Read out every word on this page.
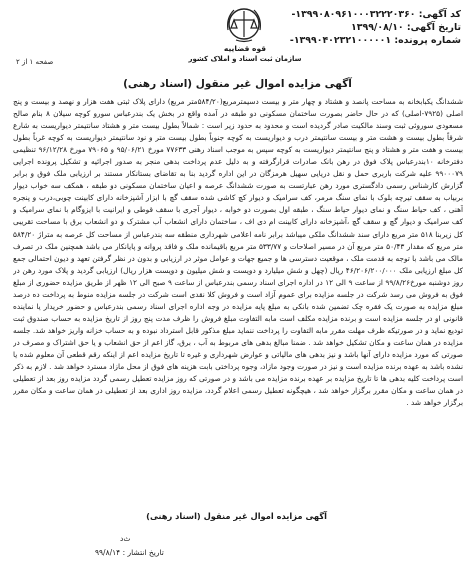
کد آگهی: ۱۳۹۹۰۸۰۹۶۱۰۰۰۳۲۲۲۰۳۶۰-
تاریخ آگهی: ۱۳۹۹/۰۸/۱۰
شماره پرونده: ۱۳۹۹۰۴۰۲۳۲۱۰۰۰۰۰۱-
قوه قضاییه
سازمان ثبت اسناد و املاک کشور
صفحه ۱ از ۲
آگهی مزایده اموال غیر منقول (اسناد رهنی)
ششدانگ یکبابخانه به مساحت پانصد و هشتاد و چهار متر و بیست دسیمترمربع(۵۸۴/۲۰متر مربع) دارای پلاک ثبتی هفت هزار و نهصد و بیست و پنج اصلی (۷۹۲۵-اصلی) که در حال حاضر بصورت ساختمان مسکونی دو طبقه در آمده واقع در بخش یک بندرعباس سورو کوچه سیلان ۸ بنام صالح مسعودی سوروئی ثبت وسند مالکیت صادر گردیده است و محدود به حدود زیر است : شمالاً بطول بیست متر و هشتاد سانتیمتر دیواریست به شارع شرقاً بطول بیست و هشت متر و بیست سانتیمتر درب و دیواریست به کوچه جنوباً بطول بیست متر و نود سانتیمتر دیواریست به کوچه غرباً بطول بیست و هفت متر و هشتاد و پنج سانتیمتر دیواریست به کوچه سپس به موجب اسناد رهنی ۷۷۶۳۳ مورخ ۹۵/۰۶/۲۱ و ۷۹۰۶۵ مورخ ۹۶/۱۲/۲۸ تنظیمی دفترخانه ۱۰بندرعباس پلاک فوق در رهن بانک صادرات قرارگرفته و به دلیل عدم پرداخت بدهی منجر به صدور اجرائیه و تشکیل پرونده اجرایی ۹۹۰۰۰۷۹ علیه شرکت باربری حمل و نقل دریایی سهیل هرمزگان در این اداره گردید بنا به تقاضای بستانکار مستند بر ارزیابی ملک فوق و برابر گزارش کارشناس رسمی دادگستری مورد رهن عبارتست به صورت ششدانگ عرصه و اعیان ساختمان مسکونی دو طبقه ، همکف سه خواب دیوار بربیاب به سقف تیرچه بلوک با نمای سنگ مرمر، کف سرامیک و دیوار کچ کاشی شده سقف گچ با ابزار آشپزخانه دارای کابینت چوبی،درب و پنجره آهنی ، کف حیاط سنگ و نمای دیوار حیاط سنگ ، طبقه اول بصورت دو خوابه ، دیوار آجری با سقف قوطی و ایرانیت با ایزوگام با نمای سرامیک و کف سرامیک و دیوار گچ و سقف گچ ،آشپزخانه دارای کابینت ام دی اف ، ساختمان دارای انشعاب آب مشترک و دو انشعاب برق با مساحت تقریبی کل زیربنا ۵۱۸ متر مربع دارای سند ششدانگ ملکی میباشد برابر نامه اعلامی شهرداری منطقه سه بندرعباس از مساحت کل عرصه به متراژ ۵۸۴/۲۰ متر مربع که مقدار ۵۰/۴۳ متر مربع آن در مسیر اصلاحات و ۵۳۳/۷۷ متر مربع باقیمانده ملک و فاقد پروانه و پایانکار می باشد همچنین ملک در تصرف مالک می باشد با توجه به قدمت ملک ، موقعیت دسترسی ها و جمیع جهات و عوامل موثر در ارزیابی و بدون در نظر گرفتن تعهد و دیون احتمالی جمع کل مبلغ ارزیابی ملک ۴۶/۲۰۶/۲۰۰/۰۰۰ ریال (چهل و شش میلیارد و دویست و شش میلیون و دویست هزار ریال) ارزیابی گردید و پلاک مورد رهن در روز دوشنبه مورخ۹۹/۸/۲۶ از ساعت ۹ الی ۱۲ در اداره اجرای اسناد رسمی بندرعباس از ساعت ۹ صبح الی ۱۲ ظهر از طریق مزایده حضوری از مبلغ فوق به فروش می رسد شرکت در جلسه مزایده برای عموم آزاد است و فروش کلا نقدی است شرکت در جلسه مزایده منوط به پرداخت ده درصد مبلغ مزایده به صورت یک فقره چک تضمین شده بانکی به مبلغ پایه مزایده در وجه اداره اجرای اسناد رسمی بندرعباس و حضور خریدار یا نماینده قانونی او در جلسه مزایده است و برنده مزایده مکلف است مابه التفاوت مبلغ فروش را ظرف مدت پنج روز از تاریخ مزایده به حساب صندوق ثبت تودیع نماید و در صورتیکه ظرف مهلت مقرر مابه التفاوت را پرداخت ننماید مبلغ مذکور قابل استرداد نبوده و به حساب خزانه واریز خواهد شد. جلسه مزایده در همان ساعت و مکان تشکیل خواهد شد . ضمنا مبالغ بدهی های مربوط به آب ، برق، گاز اعم از حق انشعاب و یا حق اشتراک و مصرف در صورتی که مورد مزایده دارای آنها باشد و نیز بدهی های مالیاتی و عوارض شهرداری و غیره تا تاریخ مزایده اعم از اینکه رقم قطعی آن معلوم شده یا نشده باشد به عهده برنده مزایده است و نیز در صورت وجود مازاد، وجوه پرداختی بابت هزینه های فوق از محل مازاد مسترد خواهد شد . لازم به ذکر است پرداخت کلیه بدهی ها تا تاریخ مزایده بر عهده برنده مزایده می باشد و در صورتی که روز مزایده تعطیل رسمی گردد مزایده روز بعد از تعطیلی در همان ساعت و مکان مقرر برگزار خواهد شد ، هیچگونه تعطیل رسمی اعلام گردد، مزایده روز اداری بعد از تعطیلی در همان ساعت و مکان مقرر برگزار خواهد شد .
آگهی مزایده اموال غیر منقول (اسناد رهنی)
ث‌د
تاریخ انتشار : ۹۹/۸/۱۴
